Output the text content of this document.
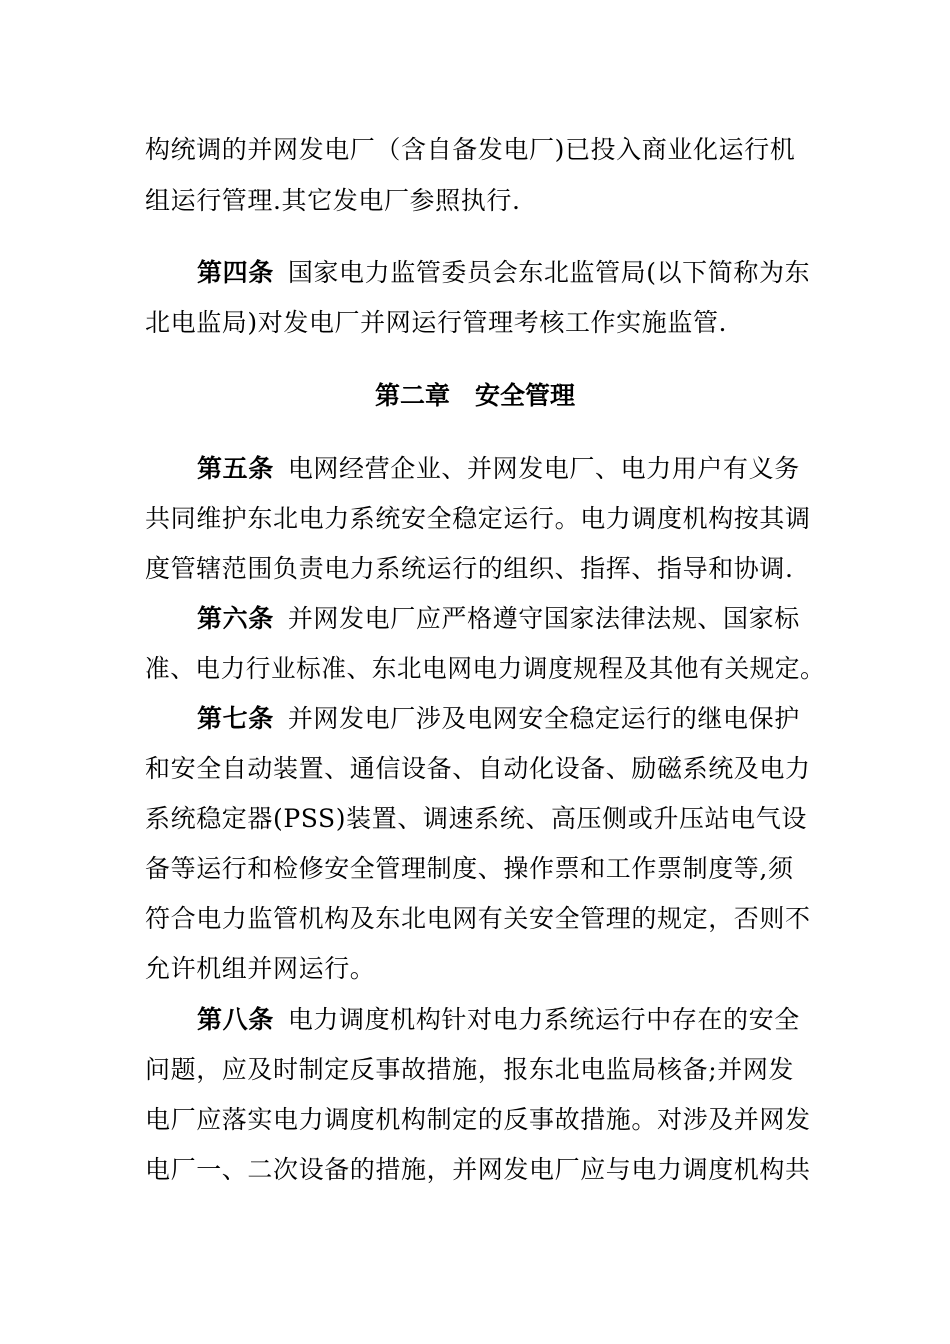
构统调的并网发电厂（含自备发电厂)已投入商业化运行机
组运行管理.其它发电厂参照执行.
第四条 国家电力监管委员会东北监管局(以下简称为东
北电监局)对发电厂并网运行管理考核工作实施监管.
第二章　安全管理
第五条 电网经营企业、并网发电厂、电力用户有义务
共同维护东北电力系统安全稳定运行。电力调度机构按其调
度管辖范围负责电力系统运行的组织、指挥、指导和协调.
第六条 并网发电厂应严格遵守国家法律法规、国家标
准、电力行业标准、东北电网电力调度规程及其他有关规定。
第七条 并网发电厂涉及电网安全稳定运行的继电保护
和安全自动装置、通信设备、自动化设备、励磁系统及电力
系统稳定器(PSS)装置、调速系统、高压侧或升压站电气设
备等运行和检修安全管理制度、操作票和工作票制度等,须
符合电力监管机构及东北电网有关安全管理的规定，否则不
允许机组并网运行。
第八条 电力调度机构针对电力系统运行中存在的安全
问题，应及时制定反事故措施，报东北电监局核备;并网发
电厂应落实电力调度机构制定的反事故措施。对涉及并网发
电厂一、二次设备的措施，并网发电厂应与电力调度机构共
